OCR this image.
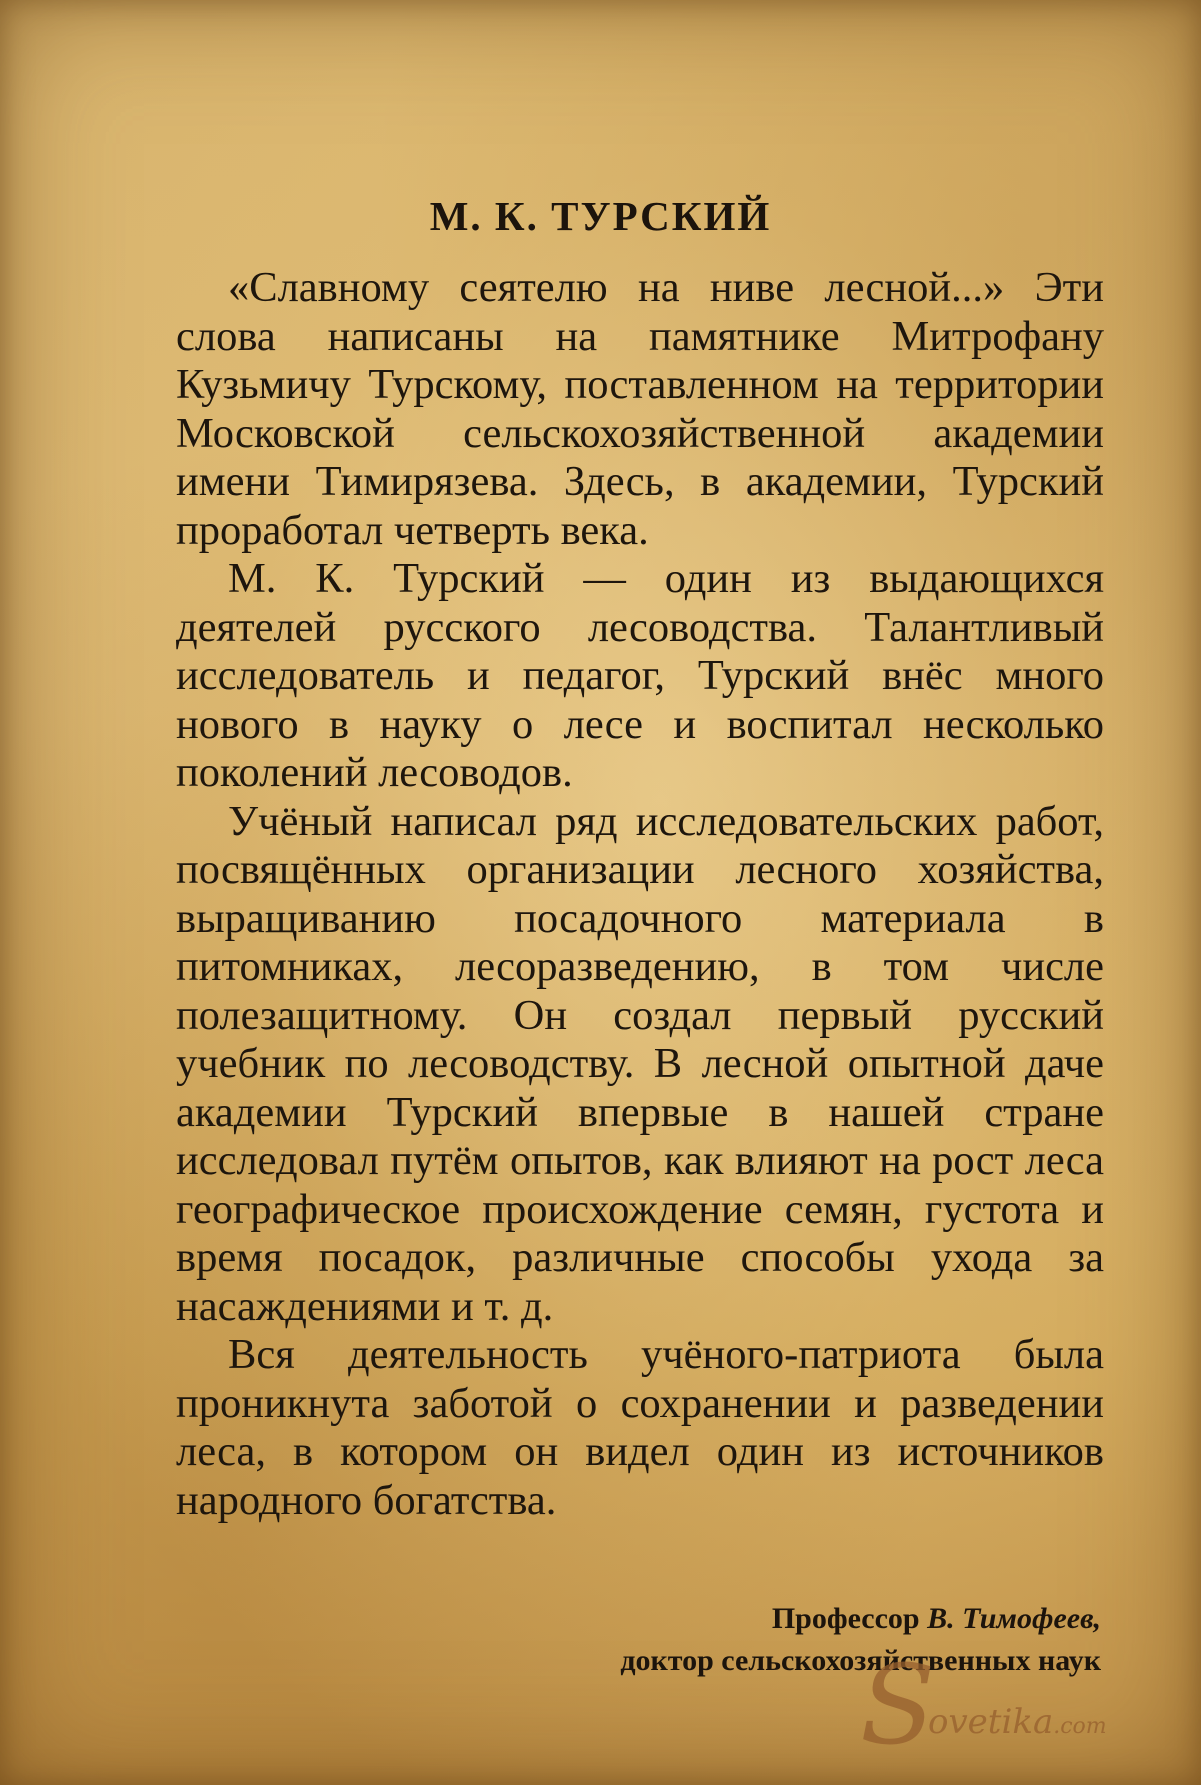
М. К. ТУРСКИЙ

«Славному сеятелю на ниве лесной...» Эти слова написаны на памятнике Митрофану Кузьмичу Турскому, поставленном на территории Московской сельскохозяйственной академии имени Тимирязева. Здесь, в академии, Турский проработал четверть века.

М. К. Турский — один из выдающихся деятелей русского лесоводства. Талантливый исследователь и педагог, Турский внёс много нового в науку о лесе и воспитал несколько поколений лесоводов.

Учёный написал ряд исследовательских работ, посвящённых организации лесного хозяйства, выращиванию посадочного материала в питомниках, лесоразведению, в том числе полезащитному. Он создал первый русский учебник по лесоводству. В лесной опытной даче академии Турский впервые в нашей стране исследовал путём опытов, как влияют на рост леса географическое происхождение семян, густота и время посадок, различные способы ухода за насаждениями и т. д.

Вся деятельность учёного-патриота была проникнута заботой о сохранении и разведении леса, в котором он видел один из источников народного богатства.

Профессор В. Тимофеев,
доктор сельскохозяйственных наук
S
ovetika.com
